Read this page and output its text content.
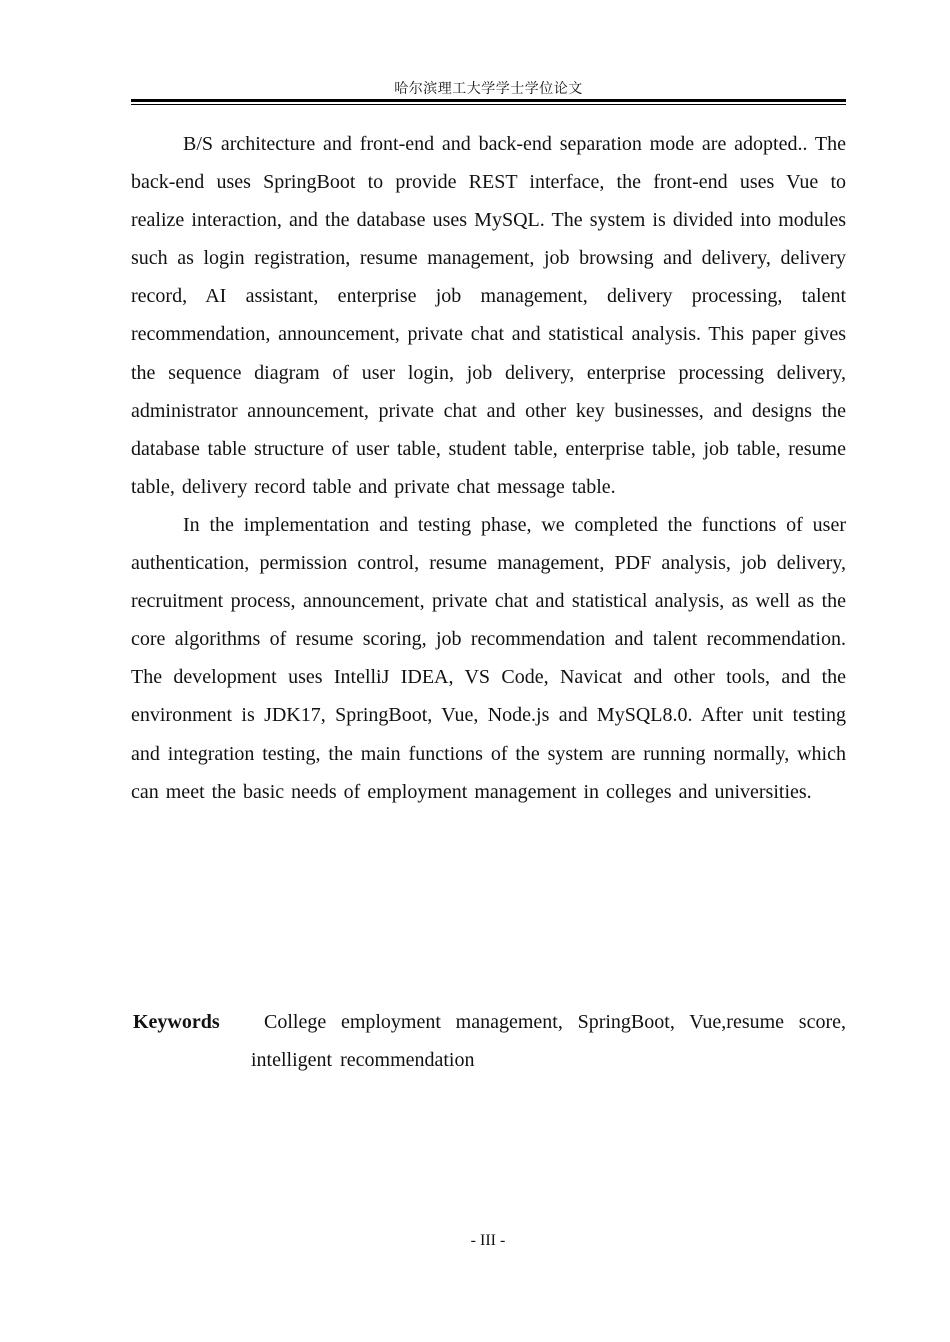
哈尔滨理工大学学士学位论文

B/S architecture and front-end and back-end separation mode are adopted.. The back-end uses SpringBoot to provide REST interface, the front-end uses Vue to realize interaction, and the database uses MySQL. The system is divided into modules such as login registration, resume management, job browsing and delivery, delivery record, AI assistant, enterprise job management, delivery processing, talent recommendation, announcement, private chat and statistical analysis. This paper gives the sequence diagram of user login, job delivery, enterprise processing delivery, administrator announcement, private chat and other key businesses, and designs the database table structure of user table, student table, enterprise table, job table, resume table, delivery record table and private chat message table.

In the implementation and testing phase, we completed the functions of user authentication, permission control, resume management, PDF analysis, job delivery, recruitment process, announcement, private chat and statistical analysis, as well as the core algorithms of resume scoring, job recommendation and talent recommendation. The development uses IntelliJ IDEA, VS Code, Navicat and other tools, and the environment is JDK17, SpringBoot, Vue, Node.js and MySQL8.0. After unit testing and integration testing, the main functions of the system are running normally, which can meet the basic needs of employment management in colleges and universities.

Keywords	College employment management, SpringBoot, Vue,resume score, intelligent recommendation
- III -
